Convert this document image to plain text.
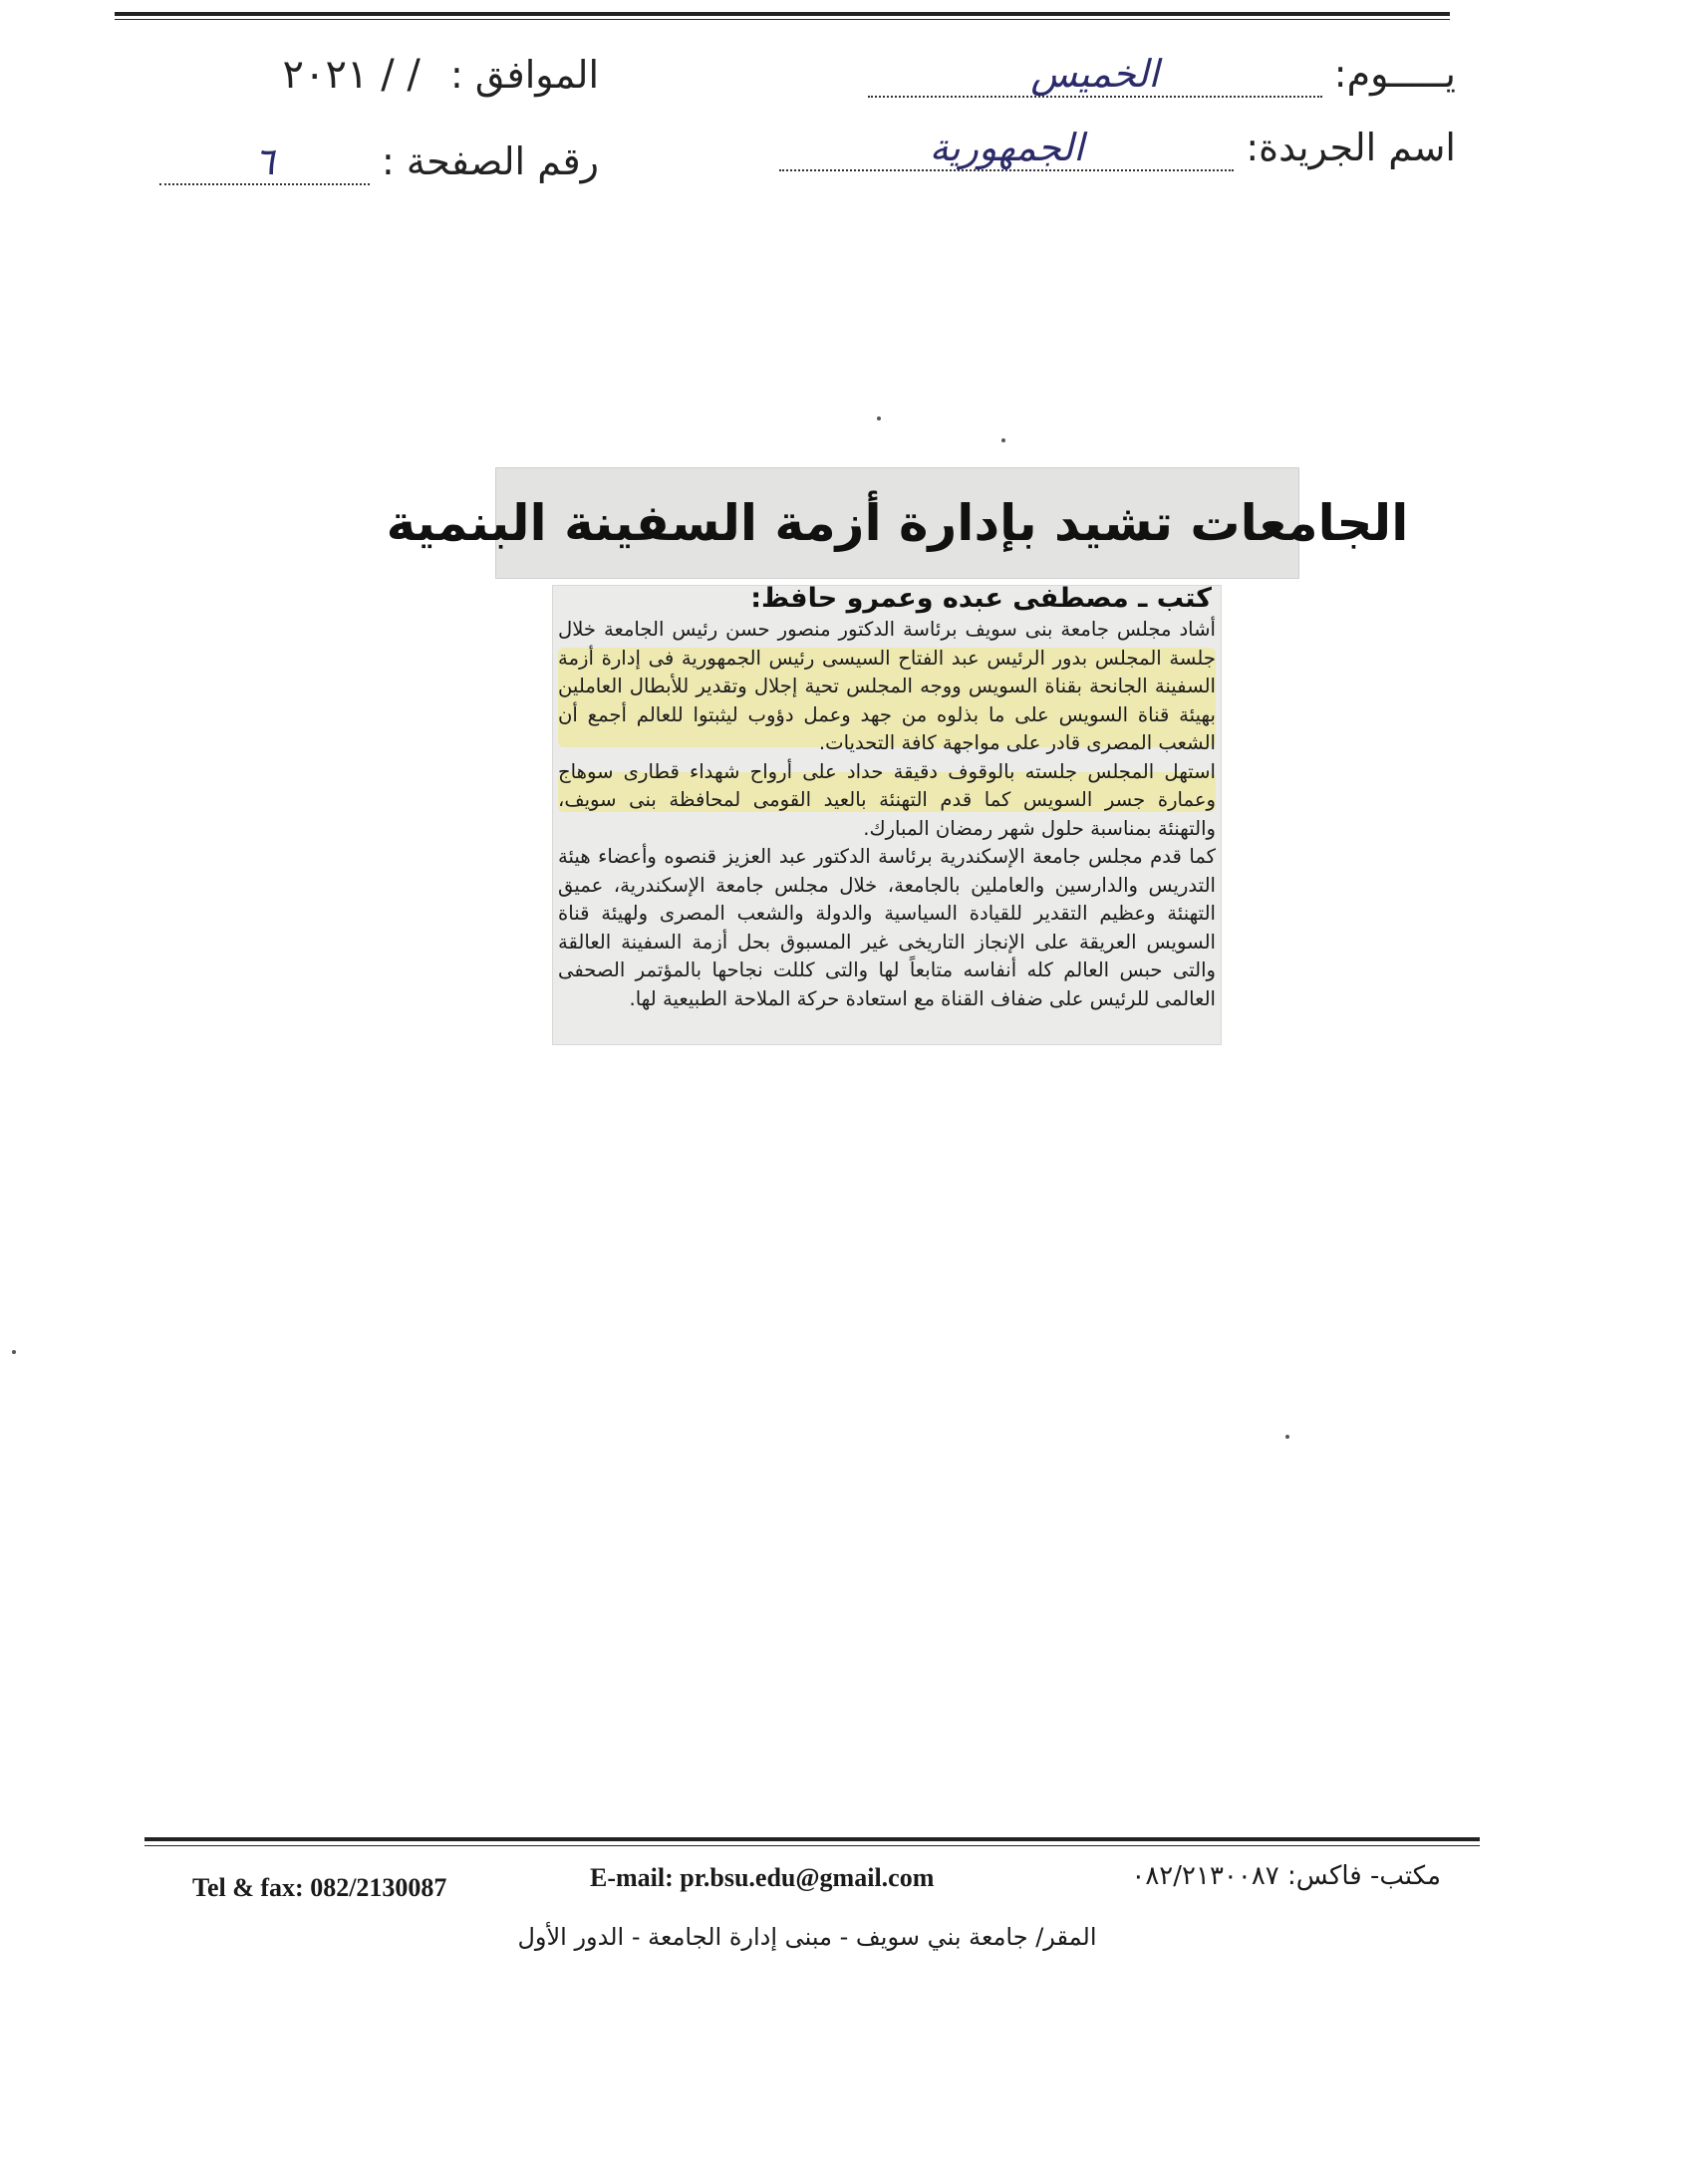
يـــــوم: الخميس
الموافق : / / ٢٠٢١
اسم الجريدة: الجمهورية
رقم الصفحة : ٦
الجامعات تشيد بإدارة أزمة السفينة البنمية
كتب ـ مصطفى عبده وعمرو حافظ:

أشاد مجلس جامعة بنى سويف برئاسة الدكتور منصور حسن رئيس الجامعة خلال جلسة المجلس بدور الرئيس عبد الفتاح السيسى رئيس الجمهورية فى إدارة أزمة السفينة الجانحة بقناة السويس ووجه المجلس تحية إجلال وتقدير للأبطال العاملين بهيئة قناة السويس على ما بذلوه من جهد وعمل دؤوب ليثبتوا للعالم أجمع أن الشعب المصرى قادر على مواجهة كافة التحديات.

استهل المجلس جلسته بالوقوف دقيقة حداد على أرواح شهداء قطارى سوهاج وعمارة جسر السويس كما قدم التهنئة بالعيد القومى لمحافظة بنى سويف، والتهنئة بمناسبة حلول شهر رمضان المبارك.

كما قدم مجلس جامعة الإسكندرية برئاسة الدكتور عبد العزيز قنصوه وأعضاء هيئة التدريس والدارسين والعاملين بالجامعة، خلال مجلس جامعة الإسكندرية، عميق التهنئة وعظيم التقدير للقيادة السياسية والدولة والشعب المصرى ولهيئة قناة السويس العريقة على الإنجاز التاريخى غير المسبوق بحل أزمة السفينة العالقة والتى حبس العالم كله أنفاسه متابعاً لها والتى كللت نجاحها بالمؤتمر الصحفى العالمى للرئيس على ضفاف القناة مع استعادة حركة الملاحة الطبيعية لها.

Tel & fax: 082/2130087	E-mail: pr.bsu.edu@gmail.com	مكتب- فاكس: ٠٨٢/٢١٣٠٠٨٧
المقر/ جامعة بني سويف - مبنى إدارة الجامعة - الدور الأول
